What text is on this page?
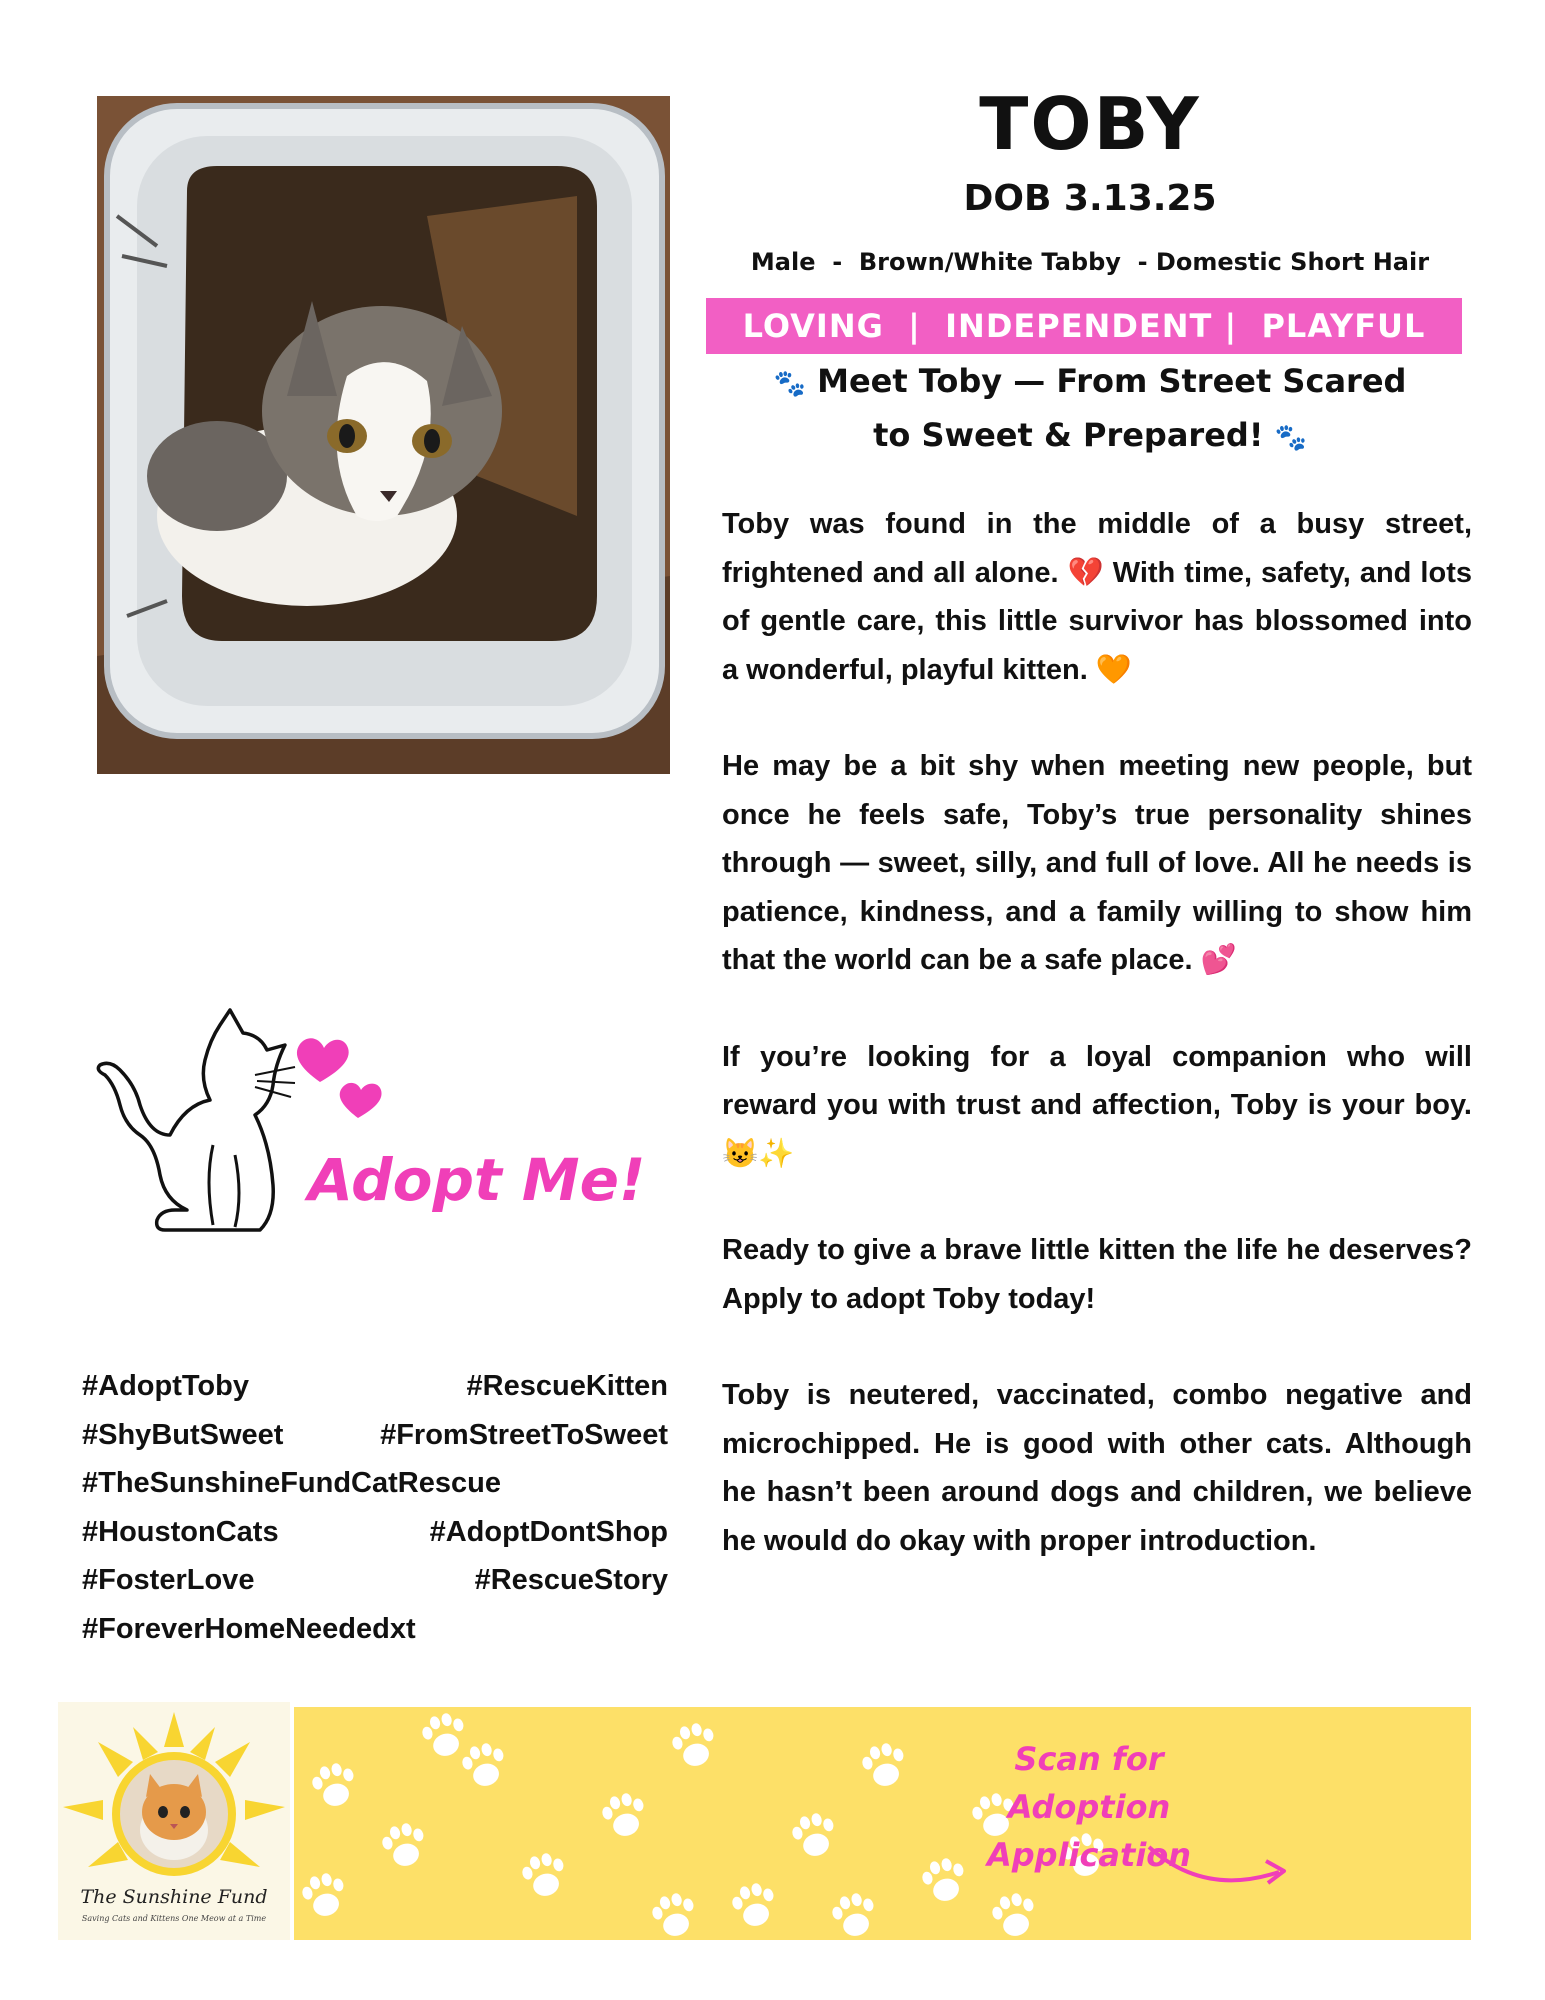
TOBY
DOB 3.13.25
Male  -  Brown/White Tabby  - Domestic Short Hair
LOVING  |  INDEPENDENT |  PLAYFUL
🐾 Meet Toby — From Street Scared
to Sweet & Prepared! 🐾

Toby was found in the middle of a busy street, frightened and all alone. 💔 With time, safety, and lots of gentle care, this little survivor has blossomed into a wonderful, playful kitten. 🧡

He may be a bit shy when meeting new people, but once he feels safe, Toby’s true personality shines through — sweet, silly, and full of love. All he needs is patience, kindness, and a family willing to show him that the world can be a safe place. 💕

If you’re looking for a loyal companion who will reward you with trust and affection, Toby is your boy. 😺✨

Ready to give a brave little kitten the life he deserves? Apply to adopt Toby today!

Toby is neutered, vaccinated, combo negative and microchipped. He is good with other cats. Although he hasn’t been around dogs and children, we believe he would do okay with proper introduction.

Adopt Me!
#AdoptToby	#RescueKitten
#ShyButSweet	#FromStreetToSweet
#TheSunshineFundCatRescue
#HoustonCats	#AdoptDontShop
#FosterLove	#RescueStory
#ForeverHomeNeededxt
The Sunshine Fund
Saving Cats and Kittens One Meow at a Time
Scan for Adoption
Application
